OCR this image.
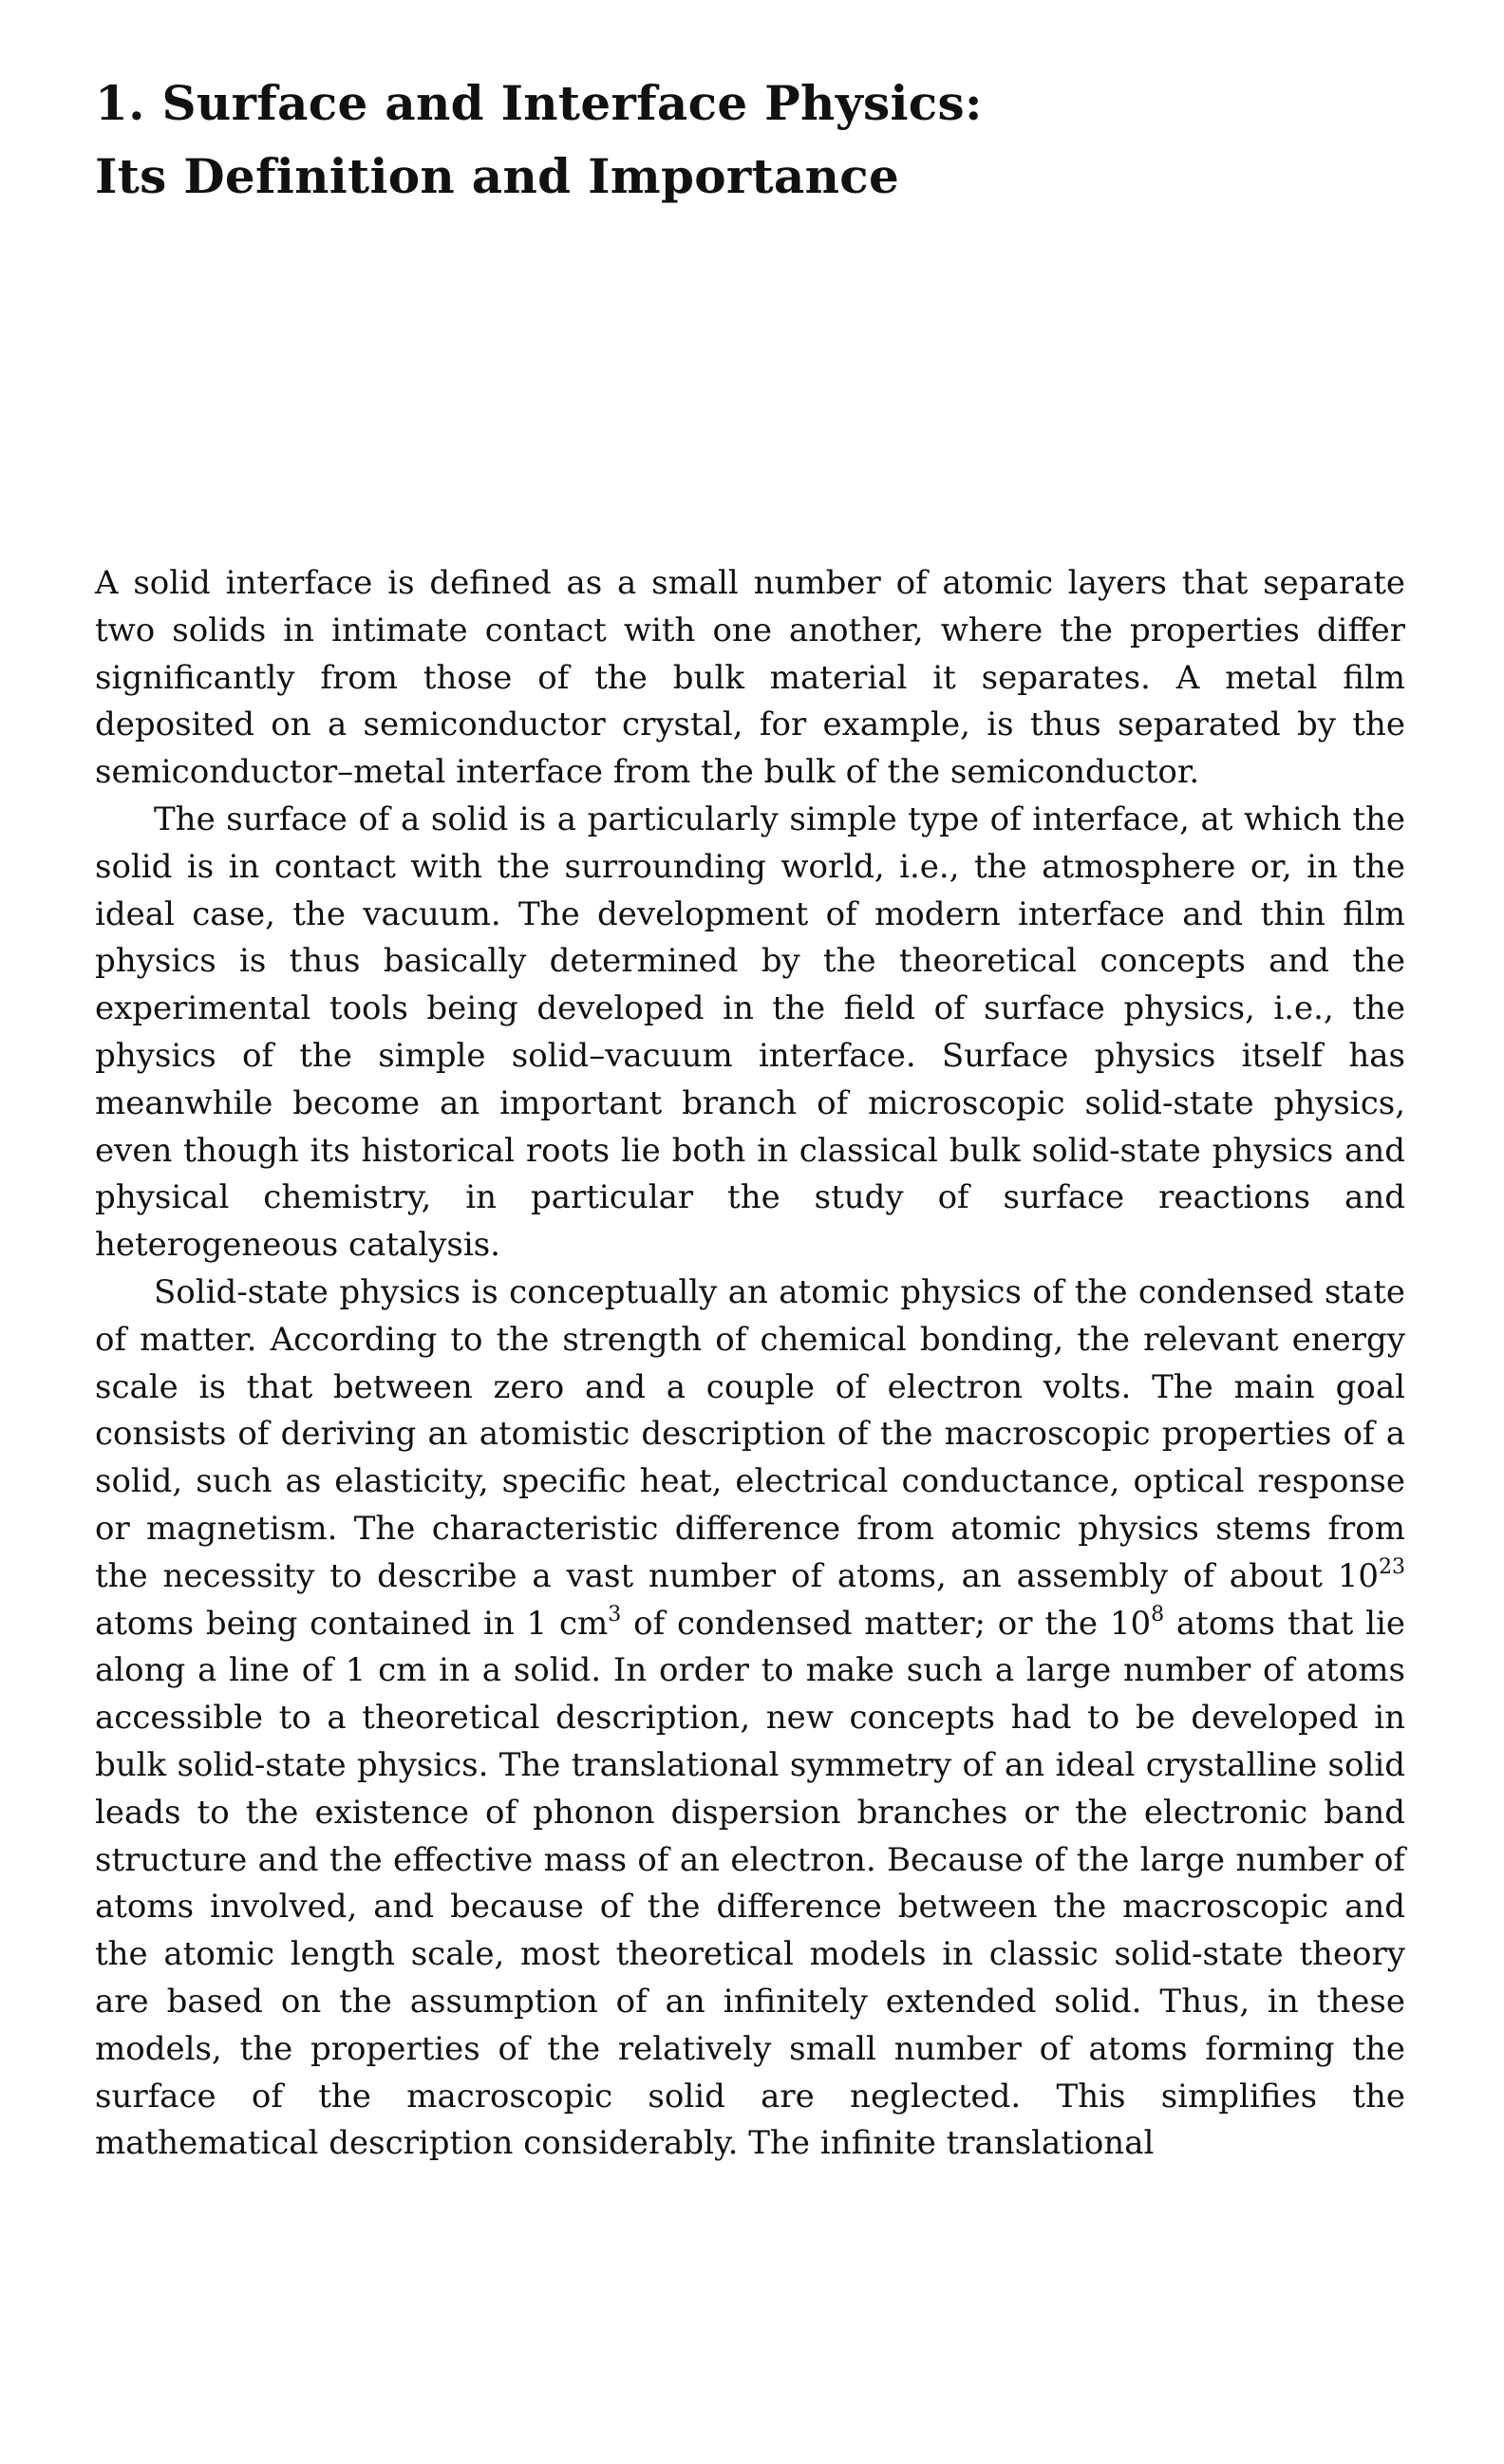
1. Surface and Interface Physics:
Its Definition and Importance

A solid interface is defined as a small number of atomic layers that separate two solids in intimate contact with one another, where the properties differ significantly from those of the bulk material it separates. A metal film deposited on a semiconductor crystal, for example, is thus separated by the semiconductor–metal interface from the bulk of the semiconductor.

The surface of a solid is a particularly simple type of interface, at which the solid is in contact with the surrounding world, i.e., the atmosphere or, in the ideal case, the vacuum. The development of modern interface and thin film physics is thus basically determined by the theoretical concepts and the experimental tools being developed in the field of surface physics, i.e., the physics of the simple solid–vacuum interface. Surface physics itself has meanwhile become an important branch of microscopic solid-state physics, even though its historical roots lie both in classical bulk solid-state physics and physical chemistry, in particular the study of surface reactions and heterogeneous catalysis.

Solid-state physics is conceptually an atomic physics of the condensed state of matter. According to the strength of chemical bonding, the relevant energy scale is that between zero and a couple of electron volts. The main goal consists of deriving an atomistic description of the macroscopic properties of a solid, such as elasticity, specific heat, electrical conductance, optical response or magnetism. The characteristic difference from atomic physics stems from the necessity to describe a vast number of atoms, an assembly of about $10^{23}$ atoms being contained in 1 $cm^3$ of condensed matter; or the $10^8$ atoms that lie along a line of 1 cm in a solid. In order to make such a large number of atoms accessible to a theoretical description, new concepts had to be developed in bulk solid-state physics. The translational symmetry of an ideal crystalline solid leads to the existence of phonon dispersion branches or the electronic band structure and the effective mass of an electron. Because of the large number of atoms involved, and because of the difference between the macroscopic and the atomic length scale, most theoretical models in classic solid-state theory are based on the assumption of an infinitely extended solid. Thus, in these models, the properties of the relatively small number of atoms forming the surface of the macroscopic solid are neglected. This simplifies the mathematical description considerably. The infinite translational
